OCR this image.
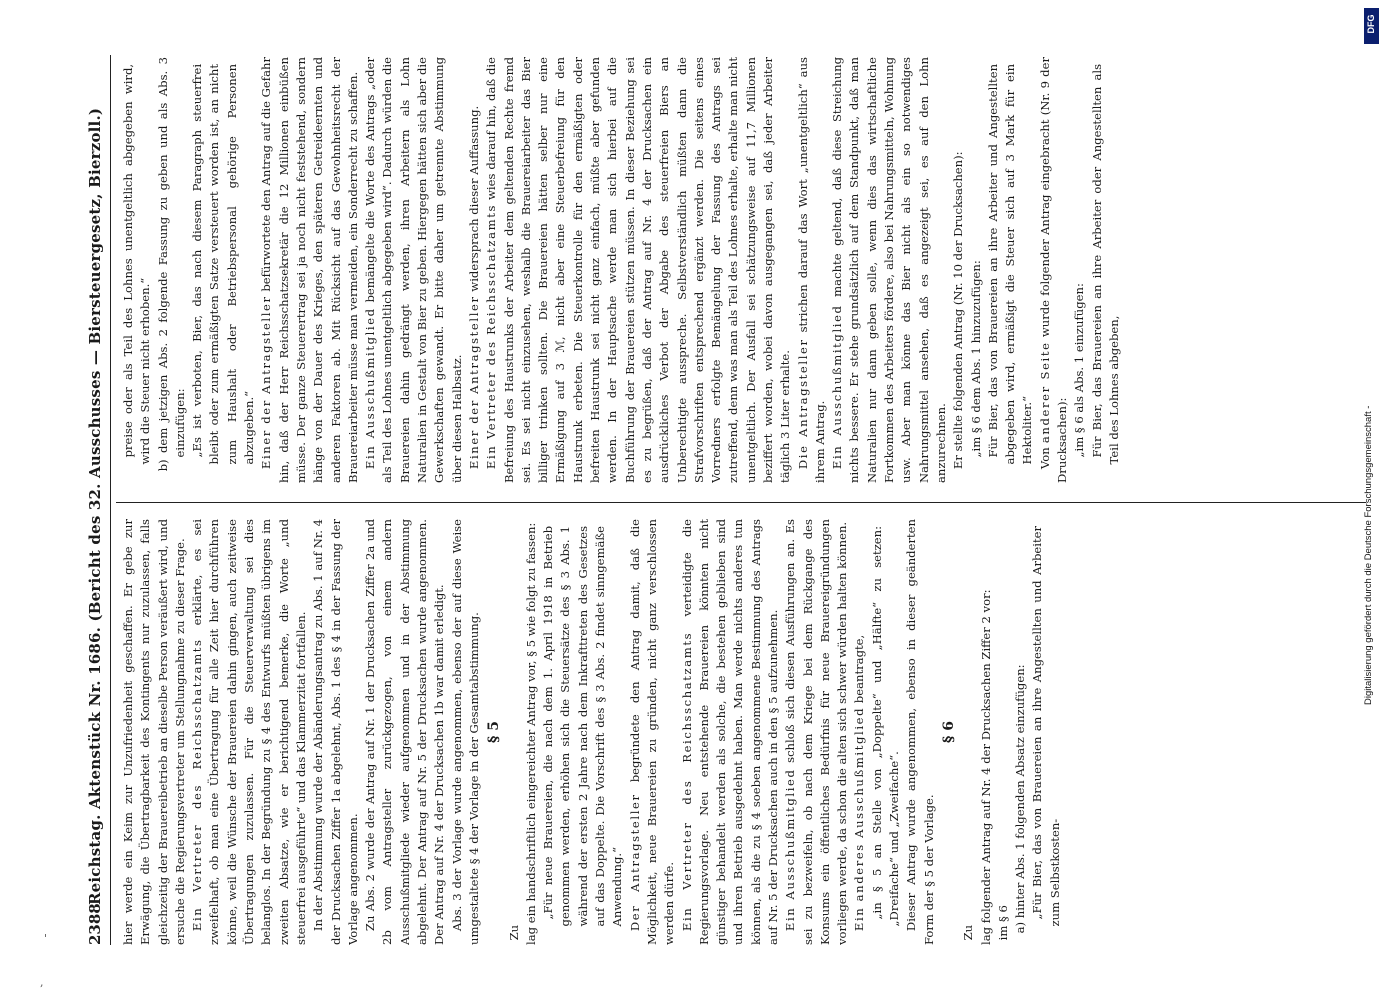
2388
Reichstag. Aktenstück Nr. 1686. (Bericht des 32. Ausschusses — Biersteuergesetz, Bierzoll.)	hier werde ein Keim zur Unzufriedenheit geschaffen. Er gebe zur Erwägung, die Übertragbarkeit des Kontingents nur zuzulassen, falls gleichzeitig der Brauereibetrieb an dieselbe Person veräußert wird, und ersuche die Regierungsvertreter um Stellungnahme zu dieser Frage. Ein Vertreter des Reichsschatzamts erklärte, es sei zweifelhaft, ob man eine Übertragung für alle Zeit hier durchführen könne, weil die Wünsche der Brauereien dahin gingen, auch zeitweise Übertragungen zuzulassen. Für die Steuerverwaltung sei dies belanglos. In der Begründung zu § 4 des Entwurfs müßten übrigens im zweiten Absatze, wie er berichtigend bemerke, die Worte „und steuerfrei ausgeführte“ und das Klammerzitat fortfallen. In der Abstimmung wurde der Abänderungsantrag zu Abs. 1 auf Nr. 4 der Drucksachen Ziffer 1a abgelehnt, Abs. 1 des § 4 in der Fassung der Vorlage angenommen. Zu Abs. 2 wurde der Antrag auf Nr. 1 der Drucksachen Ziffer 2a und 2b vom Antragsteller zurückgezogen, von einem andern Ausschußmitgliede wieder aufgenommen und in der Abstimmung abgelehnt. Der Antrag auf Nr. 5 der Drucksachen wurde angenommen. Der Antrag auf Nr. 4 der Drucksachen 1b war damit erledigt. Abs. 3 der Vorlage wurde angenommen, ebenso der auf diese Weise umgestaltete § 4 der Vorlage in der Gesamtabstimmung. § 5

Zu lag ein handschriftlich eingereichter Antrag vor, § 5 wie folgt zu fassen: „Für neue Brauereien, die nach dem 1. April 1918 in Betrieb genommen werden, erhöhen sich die Steuersätze des § 3 Abs. 1 während der ersten 2 Jahre nach dem Inkrafttreten des Gesetzes auf das Doppelte. Die Vorschrift des § 3 Abs. 2 findet sinngemäße Anwendung.“ Der Antragsteller begründete den Antrag damit, daß die Möglichkeit, neue Brauereien zu gründen, nicht ganz verschlossen werden dürfe. Ein Vertreter des Reichsschatzamts verteidigte die Regierungsvorlage. Neu entstehende Brauereien könnten nicht günstiger behandelt werden als solche, die bestehen geblieben sind und ihren Betrieb ausgedehnt haben. Man werde nichts anderes tun können, als die zu § 4 soeben angenommene Bestimmung des Antrags auf Nr. 5 der Drucksachen auch in den § 5 aufzunehmen. Ein Ausschußmitglied schloß sich diesen Ausführungen an. Es sei zu bezweifeln, ob nach dem Kriege bei dem Rückgange des Konsums ein öffentliches Bedürfnis für neue Brauereigründungen vorliegen werde, da schon die alten sich schwer würden halten können. Ein anderes Ausschußmitglied beantragte, „in § 5 an Stelle von „Doppelte“ und „Hälfte“ zu setzen: „Dreifache“ und „Zweifache“. Dieser Antrag wurde angenommen, ebenso in dieser geänderten Form der § 5 der Vorlage.

§ 6

Zu lag folgender Antrag auf Nr. 4 der Drucksachen Ziffer 2 vor: im § 6 a) hinter Abs. 1 folgenden Absatz einzufügen: „Für Bier, das von Brauereien an ihre Angestellten und Arbeiter zum Selbstkosten-

preise oder als Teil des Lohnes unentgeltlich abgegeben wird, wird die Steuer nicht erhoben.“ b) dem jetzigen Abs. 2 folgende Fassung zu geben und als Abs. 3 einzufügen: „Es ist verboten, Bier, das nach diesem Paragraph steuerfrei bleibt oder zum ermäßigten Satze versteuert worden ist, an nicht zum Haushalt oder Betriebspersonal gehörige Personen abzugeben.“ Einer der Antragsteller befürwortete den Antrag auf die Gefahr hin, daß der Herr Reichsschatzsekretär die 12 Millionen einbüßen müsse. Der ganze Steuerertrag sei ja noch nicht feststehend, sondern hänge von der Dauer des Krieges, den späteren Getreideernten und anderen Faktoren ab. Mit Rücksicht auf das Gewohnheitsrecht der Brauereiarbeiter müsse man vermeiden, ein Sonderrecht zu schaffen. Ein Ausschußmitglied bemängelte die Worte des Antrags „oder als Teil des Lohnes unentgeltlich abgegeben wird“. Dadurch würden die Brauereien dahin gedrängt werden, ihren Arbeitern als Lohn Naturalien in Gestalt von Bier zu geben. Hiergegen hätten sich aber die Gewerkschaften gewandt. Er bitte daher um getrennte Abstimmung über diesen Halbsatz. Einer der Antragsteller widersprach dieser Auffassung.

Ein Vertreter des Reichsschatzamts wies darauf hin, daß die Befreiung des Haustrunks der Arbeiter dem geltenden Rechte fremd sei. Es sei nicht einzusehen, weshalb die Brauereiarbeiter das Bier billiger trinken sollten. Die Brauereien hätten selber nur eine Ermäßigung auf 3 ℳ, nicht aber eine Steuerbefreiung für den Haustrunk erbeten. Die Steuerkontrolle für den ermäßigten oder befreiten Haustrunk sei nicht ganz einfach, müßte aber gefunden werden. In der Hauptsache werde man sich hierbei auf die Buchführung der Brauereien stützen müssen. In dieser Beziehung sei es zu begrüßen, daß der Antrag auf Nr. 4 der Drucksachen ein ausdrückliches Verbot der Abgabe des steuerfreien Biers an Unberechtigte ausspreche. Selbstverständlich müßten dann die Strafvorschriften entsprechend ergänzt werden. Die seitens eines Vorredners erfolgte Bemängelung der Fassung des Antrags sei zutreffend, denn was man als Teil des Lohnes erhalte, erhalte man nicht unentgeltlich. Der Ausfall sei schätzungsweise auf 11,7 Millionen beziffert worden, wobei davon ausgegangen sei, daß jeder Arbeiter täglich 3 Liter erhalte. Die Antragsteller strichen darauf das Wort „unentgeltlich“ aus ihrem Antrag. Ein Ausschußmitglied machte geltend, daß diese Streichung nichts bessere. Er stehe grundsätzlich auf dem Standpunkt, daß man Naturalien nur dann geben solle, wenn dies das wirtschaftliche Fortkommen des Arbeiters fördere, also bei Nahrungsmitteln, Wohnung usw. Aber man könne das Bier nicht als ein so notwendiges Nahrungsmittel ansehen, daß es angezeigt sei, es auf den Lohn anzurechnen. Er stellte folgenden Antrag (Nr. 10 der Drucksachen): „im § 6 dem Abs. 1 hinzuzufügen: Für Bier, das von Brauereien an ihre Arbeiter und Angestellten abgegeben wird, ermäßigt die Steuer sich auf 3 Mark für ein Hektoliter.“ Von anderer Seite wurde folgender Antrag eingebracht (Nr. 9 der Drucksachen): „im § 6 als Abs. 1 einzufügen: Für Bier, das Brauereien an ihre Arbeiter oder Angestellten als Teil des Lohnes abgeben,

Digitalisierung gefördert durch die Deutsche Forschungsgemeinschaft -
DFG
'
,
